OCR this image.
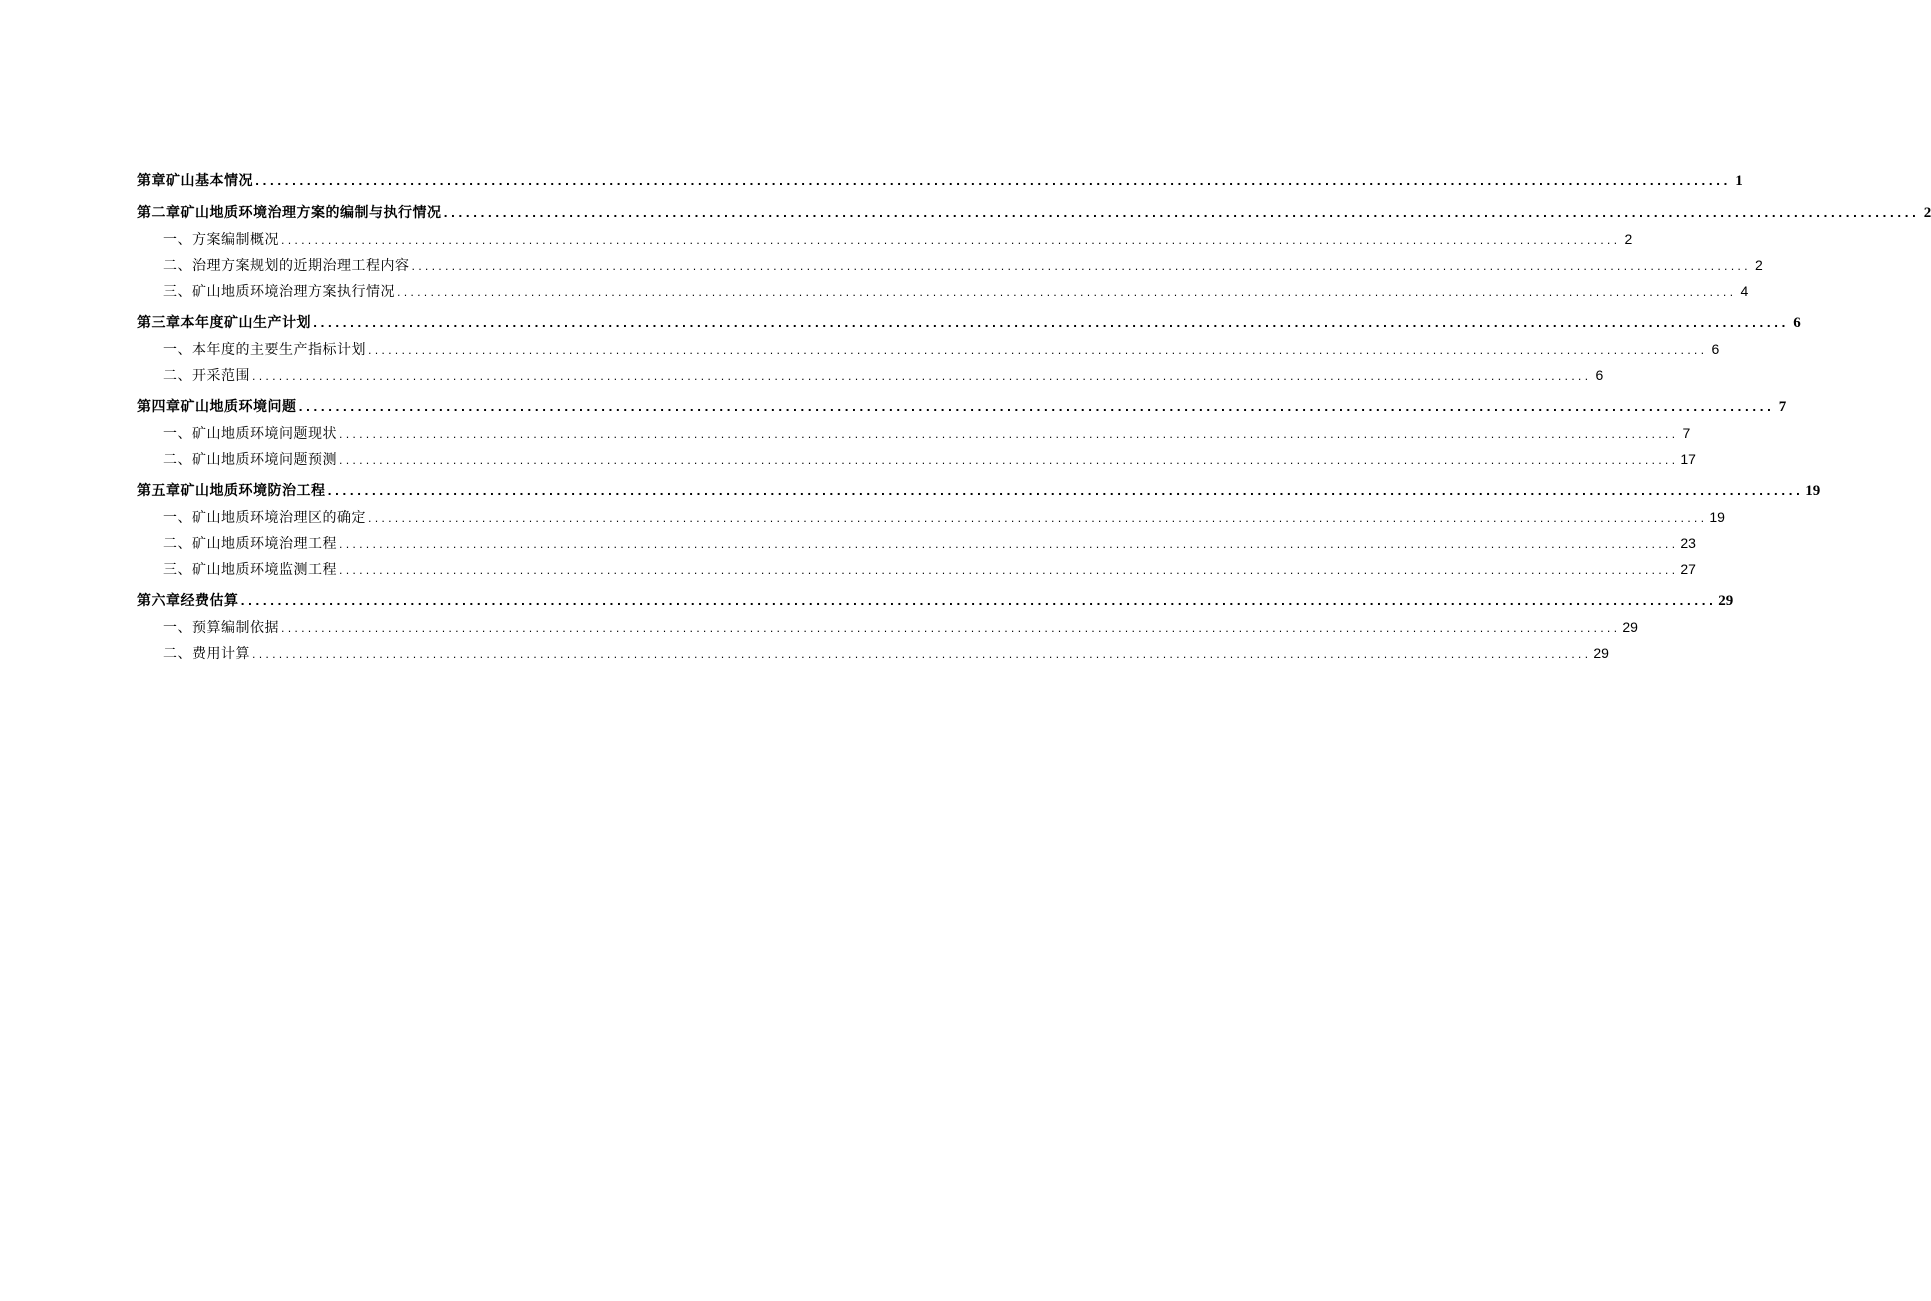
第章矿山基本情况 ........................................................................................................................................................................................................ 1
第二章矿山地质环境治理方案的编制与执行情况 ........................................................................................................................................................................................................ 2
一、方案编制概况 ........................................................................................................................................................................................................ 2
二、治理方案规划的近期治理工程内容 ........................................................................................................................................................................................................ 2
三、矿山地质环境治理方案执行情况 ........................................................................................................................................................................................................ 4
第三章本年度矿山生产计划 ........................................................................................................................................................................................................ 6
一、本年度的主要生产指标计划 ........................................................................................................................................................................................................ 6
二、开采范围 ........................................................................................................................................................................................................ 6
第四章矿山地质环境问题 ........................................................................................................................................................................................................ 7
一、矿山地质环境问题现状 ........................................................................................................................................................................................................ 7
二、矿山地质环境问题预测 ........................................................................................................................................................................................................ 17
第五章矿山地质环境防治工程 ........................................................................................................................................................................................................ 19
一、矿山地质环境治理区的确定 ........................................................................................................................................................................................................ 19
二、矿山地质环境治理工程 ........................................................................................................................................................................................................ 23
三、矿山地质环境监测工程 ........................................................................................................................................................................................................ 27
第六章经费估算 ........................................................................................................................................................................................................ 29
一、预算编制依据 ........................................................................................................................................................................................................ 29
二、费用计算 ........................................................................................................................................................................................................ 29
